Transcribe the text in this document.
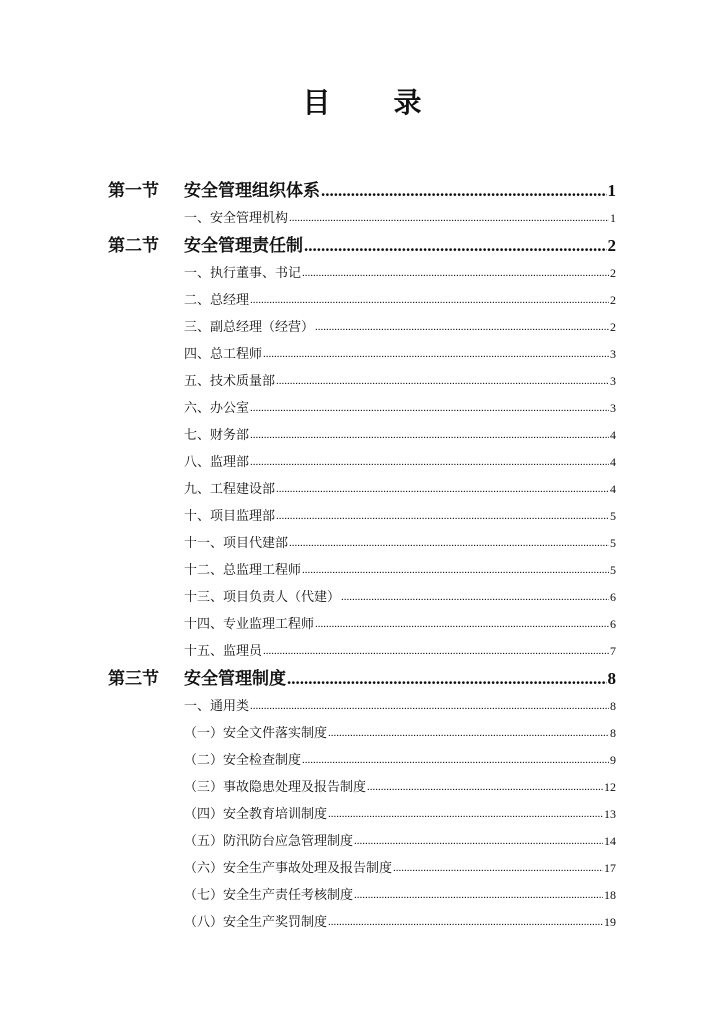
目 录
第一节	安全管理组织体系 .....	1
一、安全管理机构 .....	1
第二节	安全管理责任制 .....	2
一、执行董事、书记 .....	2
二、总经理 .....	2
三、副总经理（经营） .....	2
四、总工程师 .....	3
五、技术质量部 .....	3
六、办公室 .....	3
七、财务部 .....	4
八、监理部 .....	4
九、工程建设部 .....	4
十、项目监理部 .....	5
十一、项目代建部 .....	5
十二、总监理工程师 .....	5
十三、项目负责人（代建） .....	6
十四、专业监理工程师 .....	6
十五、监理员 .....	7
第三节	安全管理制度 .....	8
一、通用类 .....	8
（一）安全文件落实制度 .....	8
（二）安全检查制度 .....	9
（三）事故隐患处理及报告制度 .....	12
（四）安全教育培训制度 .....	13
（五）防汛防台应急管理制度 .....	14
（六）安全生产事故处理及报告制度 .....	17
（七）安全生产责任考核制度 .....	18
（八）安全生产奖罚制度 .....	19
